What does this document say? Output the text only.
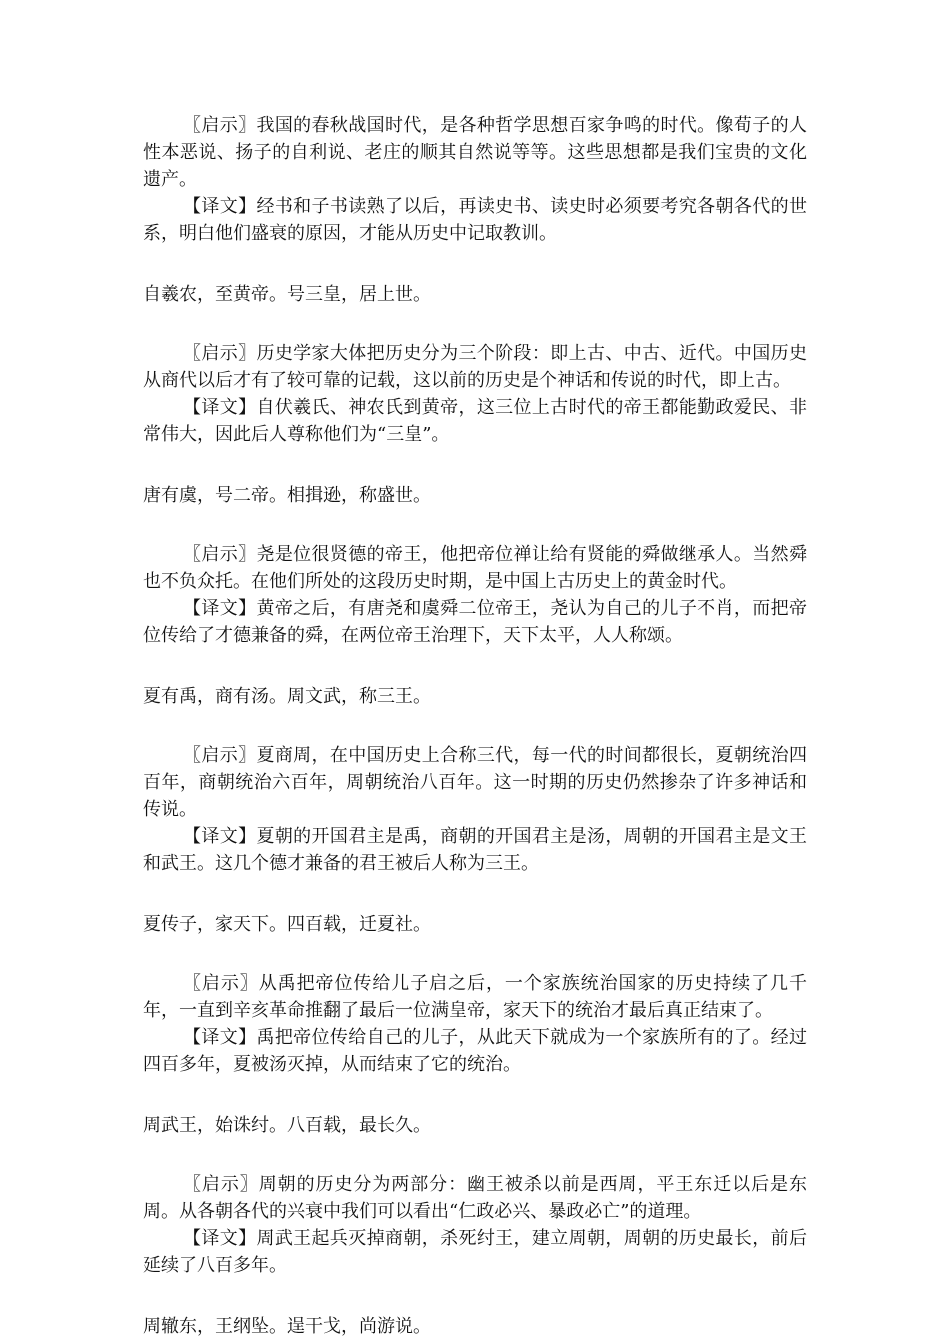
〖启示〗我国的春秋战国时代，是各种哲学思想百家争鸣的时代。像荀子的人性本恶说、扬子的自利说、老庄的顺其自然说等等。这些思想都是我们宝贵的文化遗产。

【译文】经书和子书读熟了以后，再读史书、读史时必须要考究各朝各代的世系，明白他们盛衰的原因，才能从历史中记取教训。

自羲农，至黄帝。号三皇，居上世。

〖启示〗历史学家大体把历史分为三个阶段：即上古、中古、近代。中国历史从商代以后才有了较可靠的记载，这以前的历史是个神话和传说的时代，即上古。

【译文】自伏羲氏、神农氏到黄帝，这三位上古时代的帝王都能勤政爱民、非常伟大，因此后人尊称他们为“三皇”。

唐有虞，号二帝。相揖逊，称盛世。

〖启示〗尧是位很贤德的帝王，他把帝位禅让给有贤能的舜做继承人。当然舜也不负众托。在他们所处的这段历史时期，是中国上古历史上的黄金时代。

【译文】黄帝之后，有唐尧和虞舜二位帝王，尧认为自己的儿子不肖，而把帝位传给了才德兼备的舜，在两位帝王治理下，天下太平，人人称颂。

夏有禹，商有汤。周文武，称三王。

〖启示〗夏商周，在中国历史上合称三代，每一代的时间都很长，夏朝统治四百年，商朝统治六百年，周朝统治八百年。这一时期的历史仍然掺杂了许多神话和传说。

【译文】夏朝的开国君主是禹，商朝的开国君主是汤，周朝的开国君主是文王和武王。这几个德才兼备的君王被后人称为三王。

夏传子，家天下。四百载，迁夏社。

〖启示〗从禹把帝位传给儿子启之后，一个家族统治国家的历史持续了几千年，一直到辛亥革命推翻了最后一位满皇帝，家天下的统治才最后真正结束了。

【译文】禹把帝位传给自己的儿子，从此天下就成为一个家族所有的了。经过四百多年，夏被汤灭掉，从而结束了它的统治。

周武王，始诛纣。八百载，最长久。

〖启示〗周朝的历史分为两部分：幽王被杀以前是西周，平王东迁以后是东周。从各朝各代的兴衰中我们可以看出“仁政必兴、暴政必亡”的道理。

【译文】周武王起兵灭掉商朝，杀死纣王，建立周朝，周朝的历史最长，前后延续了八百多年。

周辙东，王纲坠。逞干戈，尚游说。
